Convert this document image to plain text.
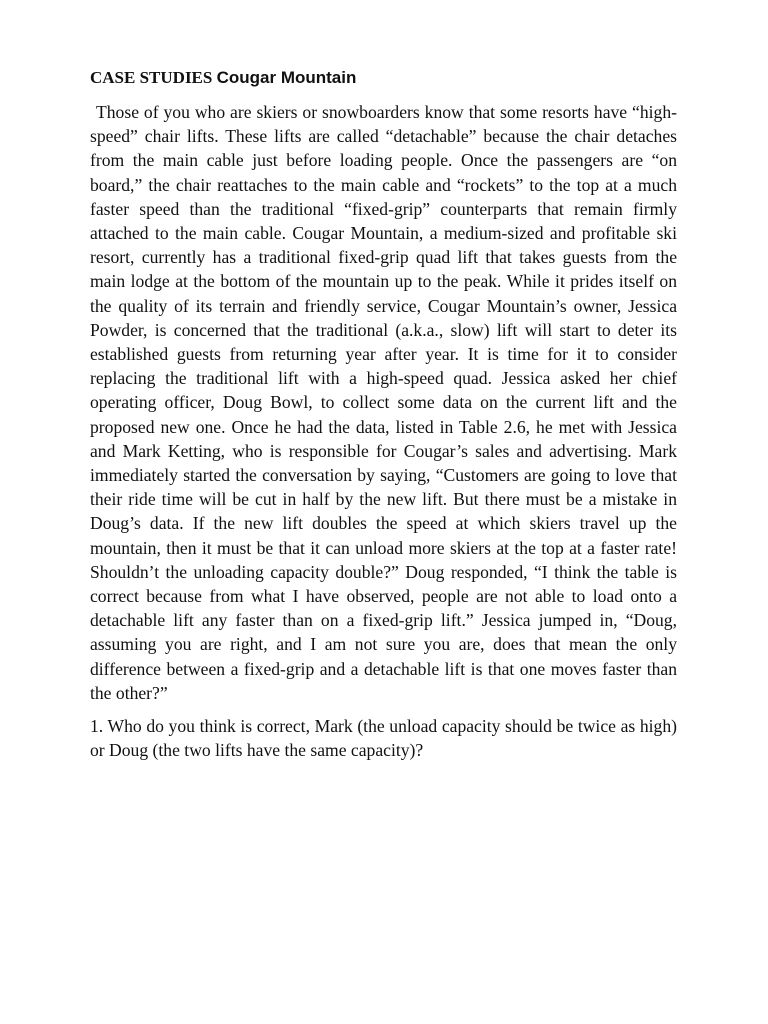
CASE STUDIES Cougar Mountain

Those of you who are skiers or snowboarders know that some resorts have “high-speed” chair lifts. These lifts are called “detachable” because the chair detaches from the main cable just before loading people. Once the passengers are “on board,” the chair reattaches to the main cable and “rockets” to the top at a much faster speed than the traditional “fixed-grip” counterparts that remain firmly attached to the main cable. Cougar Mountain, a medium-sized and profitable ski resort, currently has a traditional fixed-grip quad lift that takes guests from the main lodge at the bottom of the mountain up to the peak. While it prides itself on the quality of its terrain and friendly service, Cougar Mountain’s owner, Jessica Powder, is concerned that the traditional (a.k.a., slow) lift will start to deter its established guests from returning year after year. It is time for it to consider replacing the traditional lift with a high-speed quad. Jessica asked her chief operating officer, Doug Bowl, to collect some data on the current lift and the proposed new one. Once he had the data, listed in Table 2.6, he met with Jessica and Mark Ketting, who is responsible for Cougar’s sales and advertising. Mark immediately started the conversation by saying, “Customers are going to love that their ride time will be cut in half by the new lift. But there must be a mistake in Doug’s data. If the new lift doubles the speed at which skiers travel up the mountain, then it must be that it can unload more skiers at the top at a faster rate! Shouldn’t the unloading capacity double?” Doug responded, “I think the table is correct because from what I have observed, people are not able to load onto a detachable lift any faster than on a fixed-grip lift.” Jessica jumped in, “Doug, assuming you are right, and I am not sure you are, does that mean the only difference between a fixed-grip and a detachable lift is that one moves faster than the other?”

1. Who do you think is correct, Mark (the unload capacity should be twice as high) or Doug (the two lifts have the same capacity)?
